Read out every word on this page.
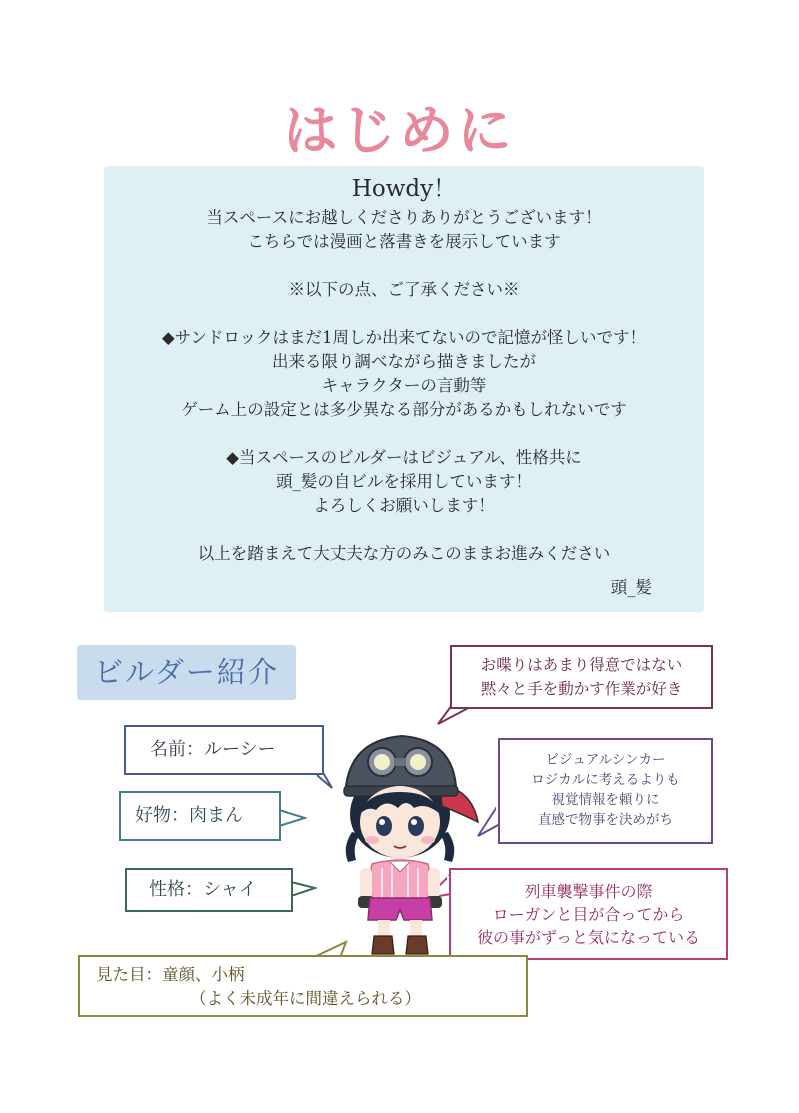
はじめに
Howdy！
当スペースにお越しくださりありがとうございます！
こちらでは漫画と落書きを展示しています
※以下の点、ご了承ください※
◆サンドロックはまだ1周しか出来てないので記憶が怪しいです！
出来る限り調べながら描きましたが
キャラクターの言動等
ゲーム上の設定とは多少異なる部分があるかもしれないです
◆当スペースのビルダーはビジュアル、性格共に
頭_髪の自ビルを採用しています！
よろしくお願いします！
以上を踏まえて大丈夫な方のみこのままお進みください
頭_髪
ビルダー紹介	お喋りはあまり得意ではない
黙々と手を動かす作業が好き
名前：ルーシー
好物：肉まん
性格：シャイ
ビジュアルシンカー
ロジカルに考えるよりも
視覚情報を頼りに
直感で物事を決めがち
列車襲撃事件の際
ローガンと目が合ってから
彼の事がずっと気になっている
見た目：童顔、小柄
（よく未成年に間違えられる）
